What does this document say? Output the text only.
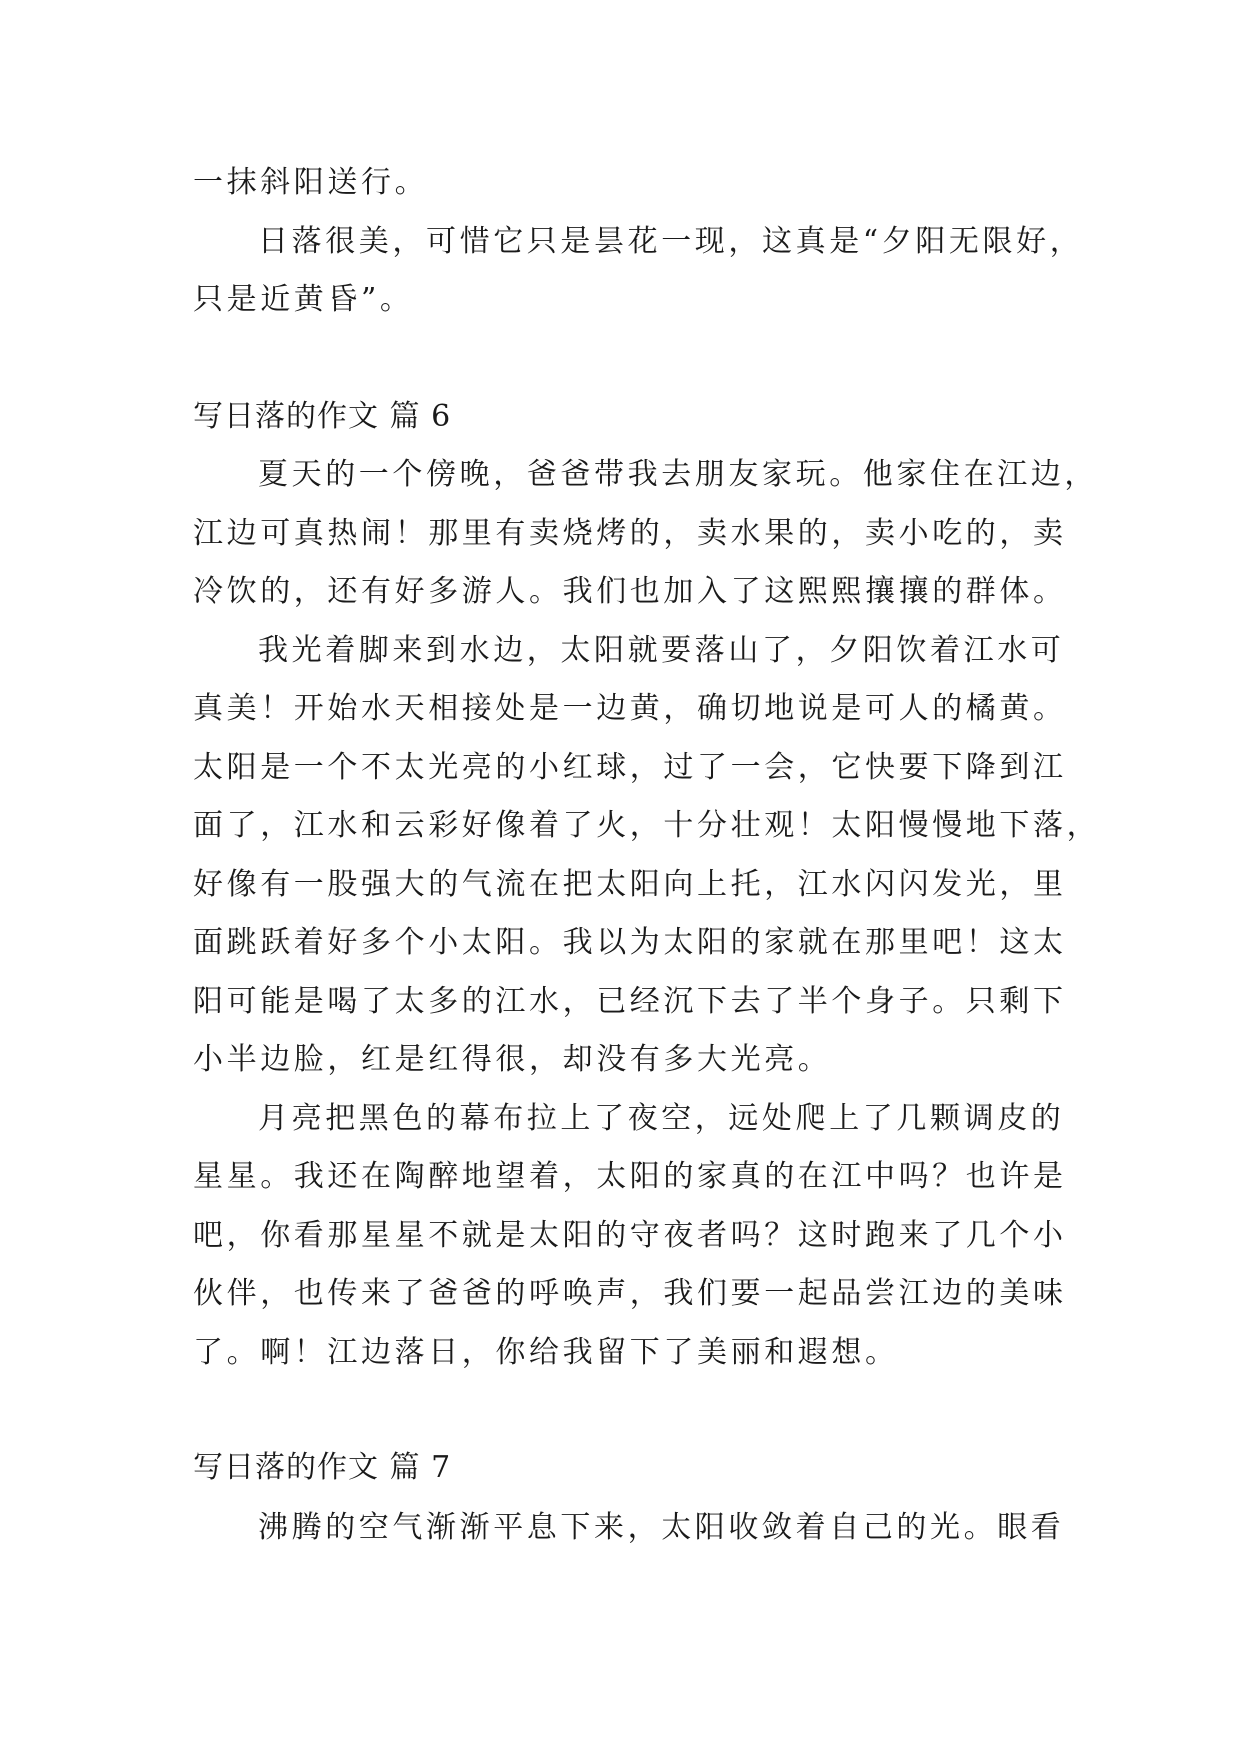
一抹斜阳送行。
日落很美，可惜它只是昙花一现，这真是“夕阳无限好，
只是近黄昏”。
写日落的作文 篇 6
夏天的一个傍晚，爸爸带我去朋友家玩。他家住在江边，
江边可真热闹！那里有卖烧烤的，卖水果的，卖小吃的，卖
冷饮的，还有好多游人。我们也加入了这熙熙攘攘的群体。
我光着脚来到水边，太阳就要落山了，夕阳饮着江水可
真美！开始水天相接处是一边黄，确切地说是可人的橘黄。
太阳是一个不太光亮的小红球，过了一会，它快要下降到江
面了，江水和云彩好像着了火，十分壮观！太阳慢慢地下落，
好像有一股强大的气流在把太阳向上托，江水闪闪发光，里
面跳跃着好多个小太阳。我以为太阳的家就在那里吧！这太
阳可能是喝了太多的江水，已经沉下去了半个身子。只剩下
小半边脸，红是红得很，却没有多大光亮。
月亮把黑色的幕布拉上了夜空，远处爬上了几颗调皮的
星星。我还在陶醉地望着，太阳的家真的在江中吗？也许是
吧，你看那星星不就是太阳的守夜者吗？这时跑来了几个小
伙伴，也传来了爸爸的呼唤声，我们要一起品尝江边的美味
了。啊！江边落日，你给我留下了美丽和遐想。
写日落的作文 篇 7
沸腾的空气渐渐平息下来，太阳收敛着自己的光。眼看
